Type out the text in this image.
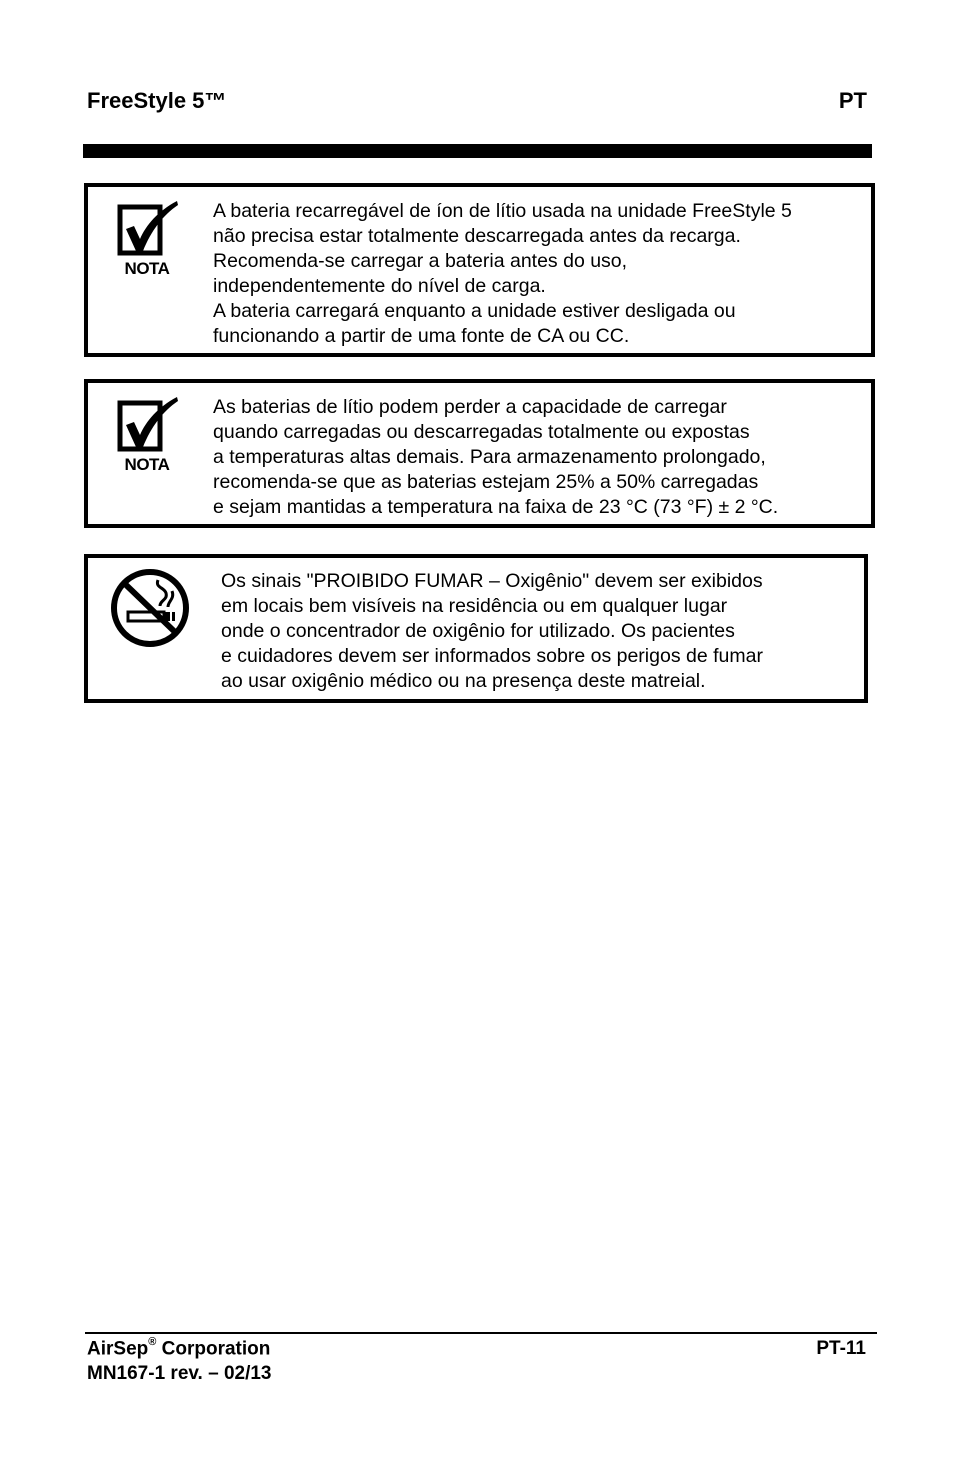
FreeStyle 5™	PT
NOTA
A bateria recarregável de íon de lítio usada na unidade FreeStyle 5
não precisa estar totalmente descarregada antes da recarga.
Recomenda-se carregar a bateria antes do uso,
independentemente do nível de carga.
A bateria carregará enquanto a unidade estiver desligada ou
funcionando a partir de uma fonte de CA ou CC.
NOTA
As baterias de lítio podem perder a capacidade de carregar
quando carregadas ou descarregadas totalmente ou expostas
a temperaturas altas demais. Para armazenamento prolongado,
recomenda-se que as baterias estejam 25% a 50% carregadas
e sejam mantidas a temperatura na faixa de 23 °C (73 °F) ± 2 °C.
Os sinais "PROIBIDO FUMAR – Oxigênio" devem ser exibidos
em locais bem visíveis na residência ou em qualquer lugar
onde o concentrador de oxigênio for utilizado. Os pacientes
e cuidadores devem ser informados sobre os perigos de fumar
ao usar oxigênio médico ou na presença deste matreial.
AirSep® Corporation
MN167-1 rev. – 02/13
PT-11
